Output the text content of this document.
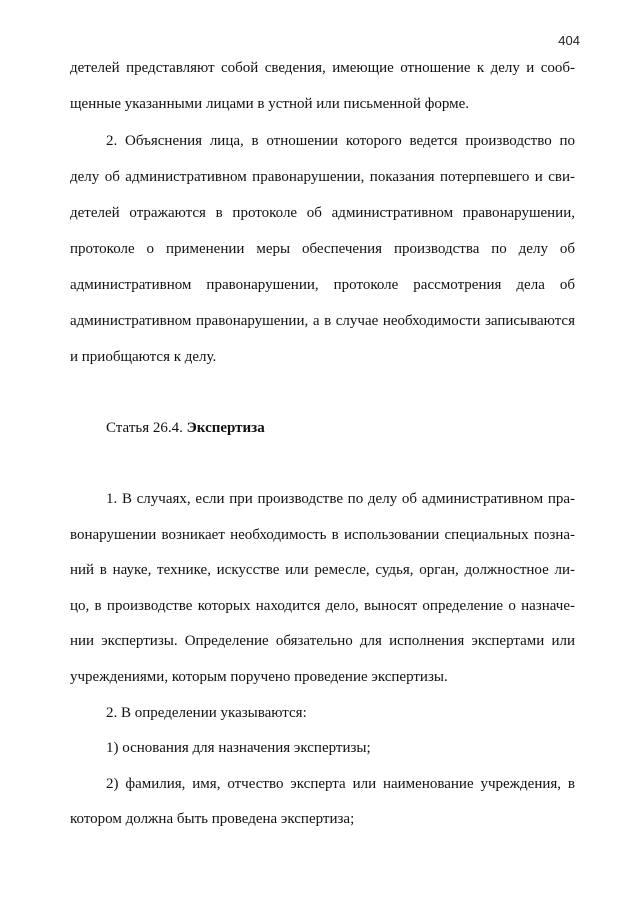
404
детелей представляют собой сведения, имеющие отношение к делу и сооб-
щенные указанными лицами в устной или письменной форме.
2. Объяснения лица, в отношении которого ведется производство по
делу об административном правонарушении, показания потерпевшего и сви-
детелей отражаются в протоколе об административном правонарушении,
протоколе о применении меры обеспечения производства по делу об
административном правонарушении, протоколе рассмотрения дела об
административном правонарушении, а в случае необходимости записываются
и приобщаются к делу.
Статья 26.4. Экспертиза
1. В случаях, если при производстве по делу об административном пра-
вонарушении возникает необходимость в использовании специальных позна-
ний в науке, технике, искусстве или ремесле, судья, орган, должностное ли-
цо, в производстве которых находится дело, выносят определение о назначе-
нии экспертизы. Определение обязательно для исполнения экспертами или
учреждениями, которым поручено проведение экспертизы.
2. В определении указываются:
1) основания для назначения экспертизы;
2) фамилия, имя, отчество эксперта или наименование учреждения, в
котором должна быть проведена экспертиза;
